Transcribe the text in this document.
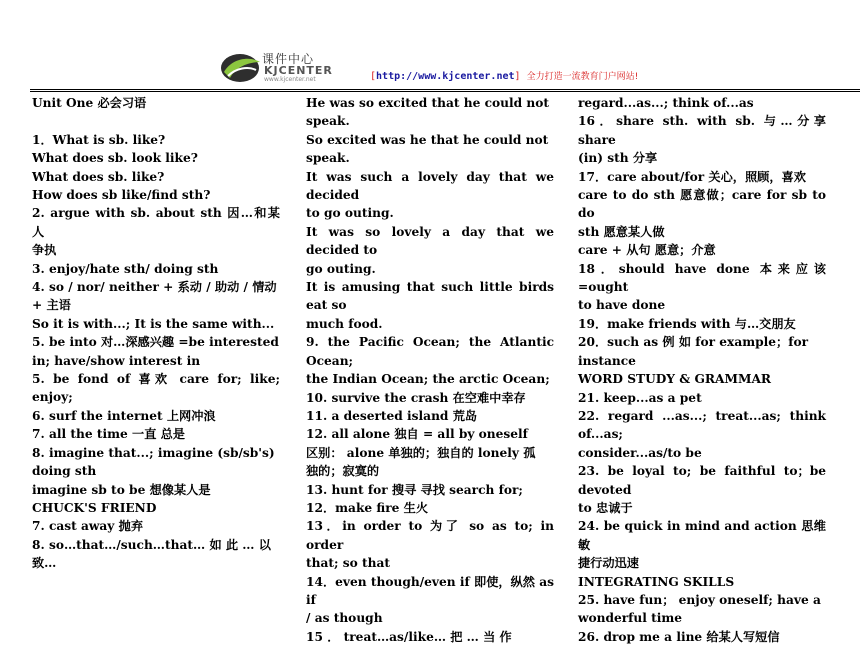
课件中心
KJCENTER
www.kjcenter.net	[http://www.kjcenter.net] 全力打造一流教育门户网站!
Unit One 必会习语
1．What is sb. like?
What does sb. look like?
What does sb. like?
How does sb like/find sth?
2. argue with sb. about sth 因…和某人
争执
3. enjoy/hate sth/ doing sth
4. so / nor/ neither + 系动 / 助动 / 情动
+ 主语
So it is with...; It is the same with...
5. be into 对…深感兴趣 =be interested
in; have/show interest in
5. be fond of 喜欢 care for; like; enjoy;
6. surf the internet 上网冲浪
7. all the time 一直 总是
8. imagine that...; imagine (sb/sb's)
doing sth
imagine sb to be 想像某人是
CHUCK'S FRIEND
7. cast away 抛弃
8. so…that…/such…that… 如 此 … 以
致…
He was so excited that he could not
speak.
So excited was he that he could not
speak.
It was such a lovely day that we decided
to go outing.
It was so lovely a day that we decided to
go outing.
It is amusing that such little birds eat so
much food.
9. the Pacific Ocean; the Atlantic Ocean;
the Indian Ocean; the arctic Ocean;
10. survive the crash 在空难中幸存
11. a deserted island 荒岛
12. all alone 独自 = all by oneself
区别： alone 单独的；独自的 lonely 孤
独的；寂寞的
13. hunt for 搜寻 寻找 search for;
12．make fire 生火
13．in order to 为了 so as to; in order
that; so that
14．even though/even if 即使，纵然 as if
/ as though
15 ． treat…as/like… 把 … 当 作
regard...as...; think of...as
16．share sth. with sb. 与…分享 share
(in) sth 分享
17．care about/for 关心，照顾，喜欢
care to do sth 愿意做；care for sb to do
sth 愿意某人做
care + 从句 愿意；介意
18．should have done 本来应该 =ought
to have done
19．make friends with 与…交朋友
20．such as 例 如 for example；for
instance
WORD STUDY & GRAMMAR
21. keep...as a pet
22. regard ...as...; treat...as; think of...as;
consider...as/to be
23. be loyal to; be faithful to；be devoted
to 忠诚于
24. be quick in mind and action 思维敏
捷行动迅速
INTEGRATING SKILLS
25. have fun； enjoy oneself; have a
wonderful time
26. drop me a line 给某人写短信
